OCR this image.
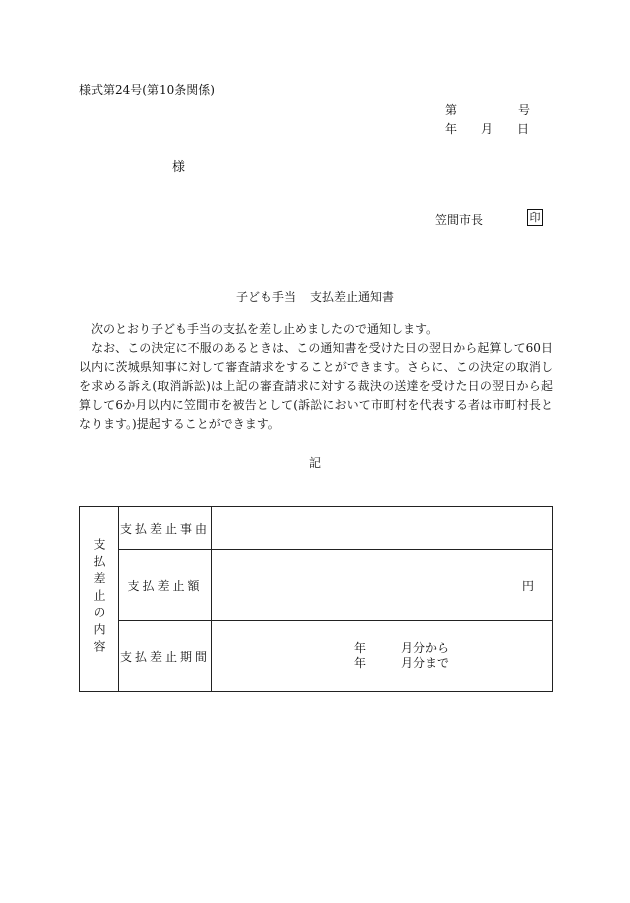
様式第24号(第10条関係)
第	号
年 月 日
様
笠間市長	印
子ども手当 支払差止通知書

次のとおり子ども手当の支払を差し止めましたので通知します。

なお、この決定に不服のあるときは、この通知書を受けた日の翌日から起算して60日以内に茨城県知事に対して審査請求をすることができます。さらに、この決定の取消しを求める訴え(取消訴訟)は上記の審査請求に対する裁決の送達を受けた日の翌日から起算して6か月以内に笠間市を被告として(訴訟において市町村を代表する者は市町村長となります。)提起することができます。

記
支払差止の内容	支払差止事由	
	支払差止額	円

	支払差止期間	年 月分から
年 月分まで
